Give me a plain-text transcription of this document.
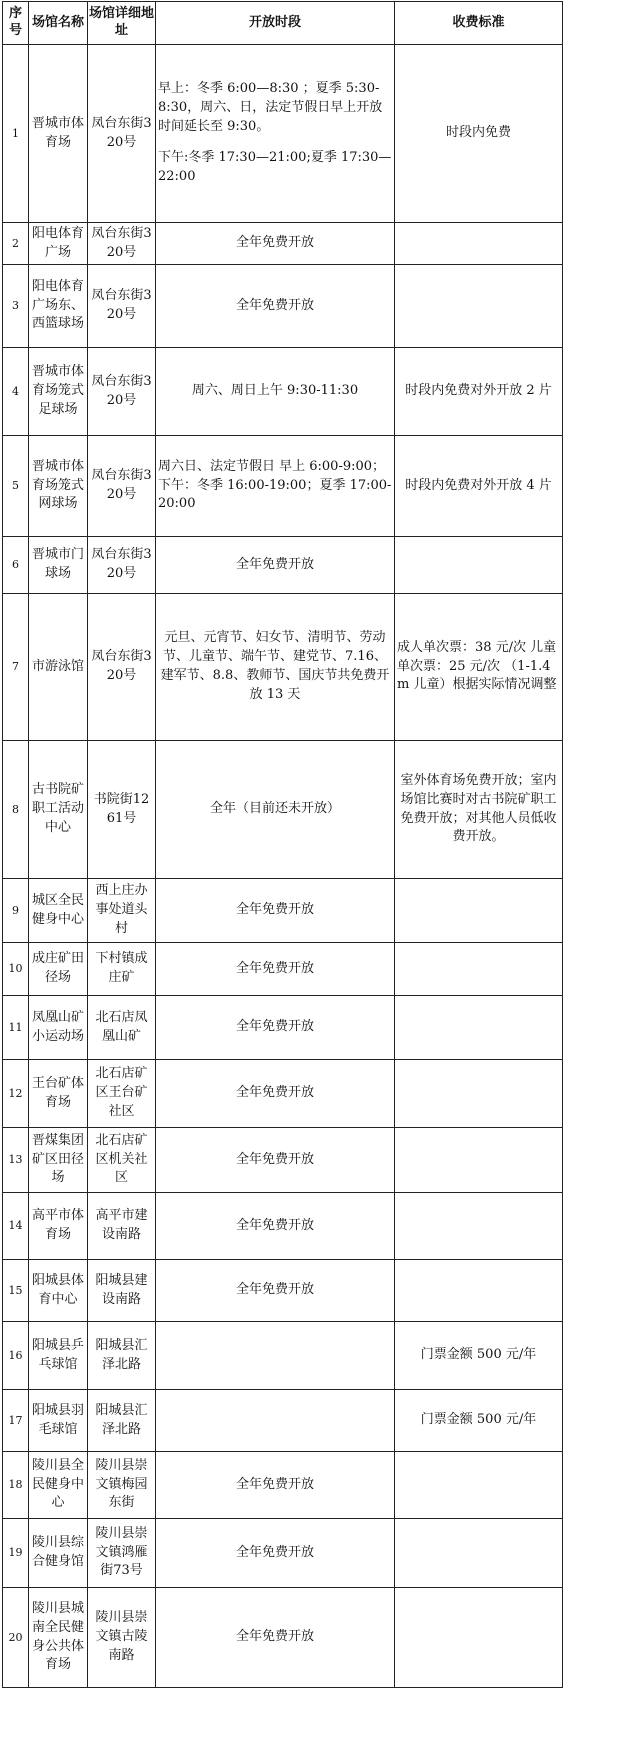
序号	场馆名称	场馆详细地址	开放时段	收费标准
1	晋城市体育场	凤台东街320号	早上：冬季 6:00—8:30 ；夏季 5:30-8:30，周六、日，法定节假日早上开放时间延长至 9:30。
下午:冬季 17:30—21:00;夏季 17:30—22:00	时段内免费
2	阳电体育广场	凤台东街320号	全年免费开放	
3	阳电体育广场东、西篮球场	凤台东街320号	全年免费开放	
4	晋城市体育场笼式足球场	凤台东街320号	周六、周日上午 9:30-11:30	时段内免费对外开放 2 片
5	晋城市体育场笼式网球场	凤台东街320号	周六日、法定节假日 早上 6:00-9:00；下午：冬季 16:00-19:00；夏季 17:00-20:00	时段内免费对外开放 4 片
6	晋城市门球场	凤台东街320号	全年免费开放	
7	市游泳馆	凤台东街320号	元旦、元宵节、妇女节、清明节、劳动节、儿童节、端午节、建党节、7.16、建军节、8.8、教师节、国庆节共免费开放 13 天	成人单次票：38 元/次 儿童单次票：25 元/次 （1-1.4m 儿童）根据实际情况调整
8	古书院矿职工活动中心	书院街1261号	全年（目前还未开放）	室外体育场免费开放；室内场馆比赛时对古书院矿职工免费开放；对其他人员低收费开放。
9	城区全民健身中心	西上庄办事处道头村	全年免费开放	
10	成庄矿田径场	下村镇成庄矿	全年免费开放	
11	凤凰山矿小运动场	北石店凤凰山矿	全年免费开放	
12	王台矿体育场	北石店矿区王台矿社区	全年免费开放	
13	晋煤集团矿区田径场	北石店矿区机关社区	全年免费开放	
14	高平市体育场	高平市建设南路	全年免费开放	
15	阳城县体育中心	阳城县建设南路	全年免费开放	
16	阳城县乒乓球馆	阳城县汇泽北路		门票金额 500 元/年
17	阳城县羽毛球馆	阳城县汇泽北路		门票金额 500 元/年
18	陵川县全民健身中心	陵川县崇文镇梅园东街	全年免费开放	
19	陵川县综合健身馆	陵川县崇文镇鸿雁街73号	全年免费开放	
20	陵川县城南全民健身公共体育场	陵川县崇文镇古陵南路	全年免费开放	
